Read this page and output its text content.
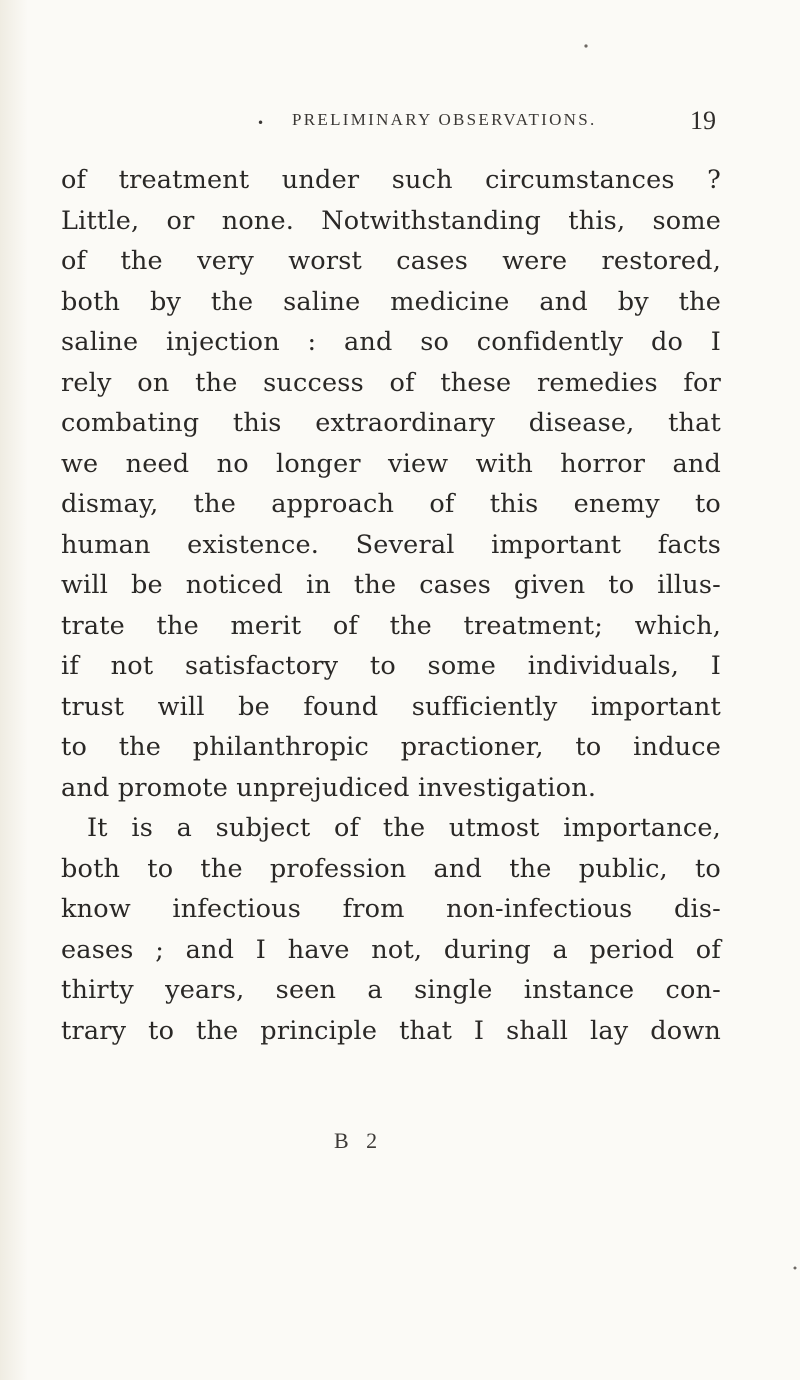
• PRELIMINARY OBSERVATIONS.	19
of treatment under such circumstances ?
Little, or none. Notwithstanding this, some
of the very worst cases were restored,
both by the saline medicine and by the
saline injection : and so confidently do I
rely on the success of these remedies for
combating this extraordinary disease, that
we need no longer view with horror and
dismay, the approach of this enemy to
human existence. Several important facts
will be noticed in the cases given to illus-
trate the merit of the treatment; which,
if not satisfactory to some individuals, I
trust will be found sufficiently important
to the philanthropic practioner, to induce
and promote unprejudiced investigation.
It is a subject of the utmost importance,
both to the profession and the public, to
know infectious from non-infectious dis-
eases ; and I have not, during a period of
thirty years, seen a single instance con-
trary to the principle that I shall lay down
B 2
